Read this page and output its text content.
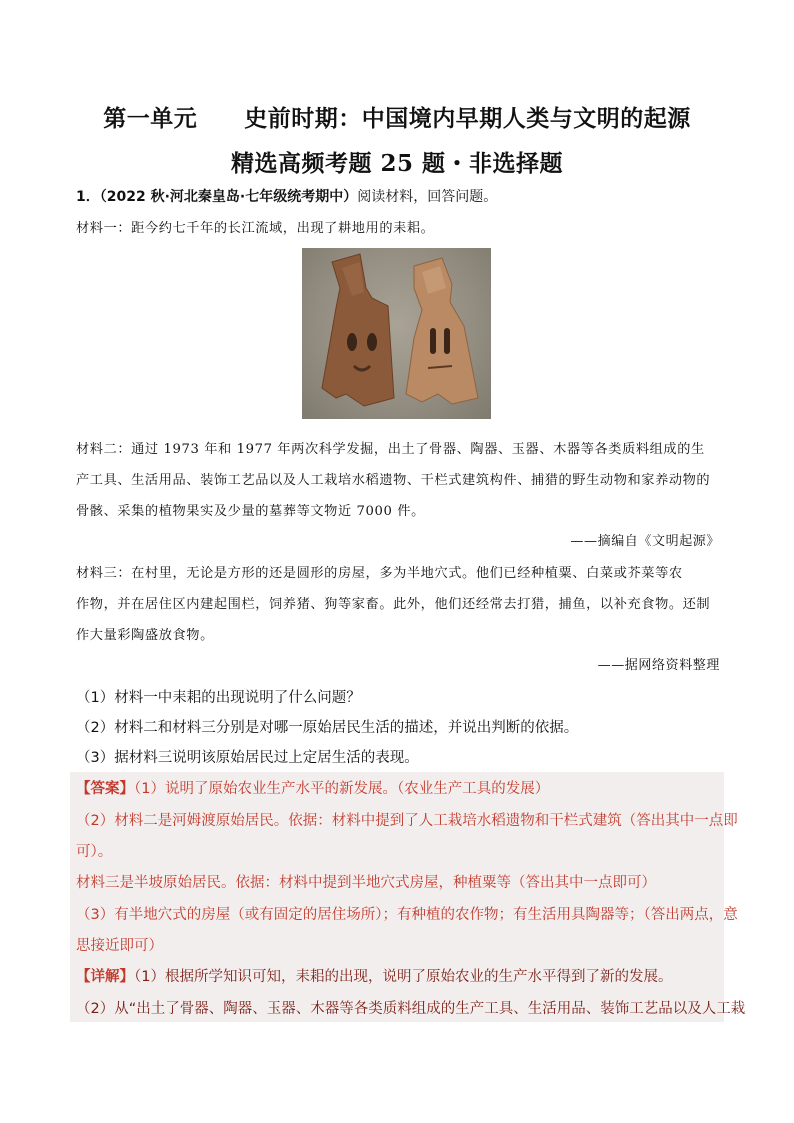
第一单元　　史前时期：中国境内早期人类与文明的起源
精选高频考题 25 题・非选择题
1．（2022 秋·河北秦皇岛·七年级统考期中）阅读材料，回答问题。
材料一：距今约七千年的长江流域，出现了耕地用的耒耜。
材料二：通过 1973 年和 1977 年两次科学发掘，出土了骨器、陶器、玉器、木器等各类质料组成的生
产工具、生活用品、装饰工艺品以及人工栽培水稻遗物、干栏式建筑构件、捕猎的野生动物和家养动物的
骨骸、采集的植物果实及少量的墓葬等文物近 7000 件。
——摘编自《文明起源》
材料三：在村里，无论是方形的还是圆形的房屋，多为半地穴式。他们已经种植粟、白菜或芥菜等农
作物，并在居住区内建起围栏，饲养猪、狗等家畜。此外，他们还经常去打猎，捕鱼，以补充食物。还制
作大量彩陶盛放食物。
——据网络资料整理
（1）材料一中耒耜的出现说明了什么问题？
（2）材料二和材料三分别是对哪一原始居民生活的描述，并说出判断的依据。
（3）据材料三说明该原始居民过上定居生活的表现。
【答案】（1）说明了原始农业生产水平的新发展。（农业生产工具的发展）
（2）材料二是河姆渡原始居民。依据：材料中提到了人工栽培水稻遗物和干栏式建筑（答出其中一点即
可）。
材料三是半坡原始居民。依据：材料中提到半地穴式房屋，种植粟等（答出其中一点即可）
（3）有半地穴式的房屋（或有固定的居住场所）；有种植的农作物；有生活用具陶器等；（答出两点，意
思接近即可）
【详解】（1）根据所学知识可知，耒耜的出现，说明了原始农业的生产水平得到了新的发展。
（2）从“出土了骨器、陶器、玉器、木器等各类质料组成的生产工具、生活用品、装饰工艺品以及人工栽
